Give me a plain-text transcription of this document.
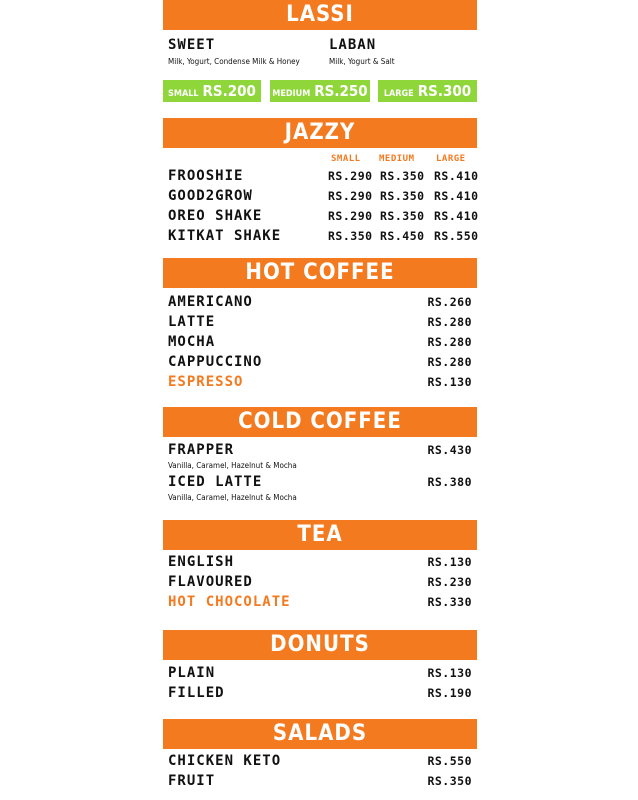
LASSI
SWEET
Milk, Yogurt, Condense Milk & Honey
LABAN
Milk, Yogurt & Salt
SMALL RS.200	MEDIUM RS.250	LARGE RS.300
JAZZY
SMALL MEDIUM LARGE
FROOSHIE	RS.290 RS.350 RS.410
GOOD2GROW	RS.290 RS.350 RS.410
OREO SHAKE	RS.290 RS.350 RS.410
KITKAT SHAKE	RS.350 RS.450 RS.550
HOT COFFEE
AMERICANO	RS.260
LATTE	RS.280
MOCHA	RS.280
CAPPUCCINO	RS.280
ESPRESSO	RS.130
COLD COFFEE
FRAPPER	RS.430
Vanilla, Caramel, Hazelnut & Mocha
ICED LATTE	RS.380
Vanilla, Caramel, Hazelnut & Mocha
TEA
ENGLISH	RS.130
FLAVOURED	RS.230
HOT CHOCOLATE	RS.330
DONUTS
PLAIN	RS.130
FILLED	RS.190
SALADS
CHICKEN KETO	RS.550
FRUIT	RS.350
